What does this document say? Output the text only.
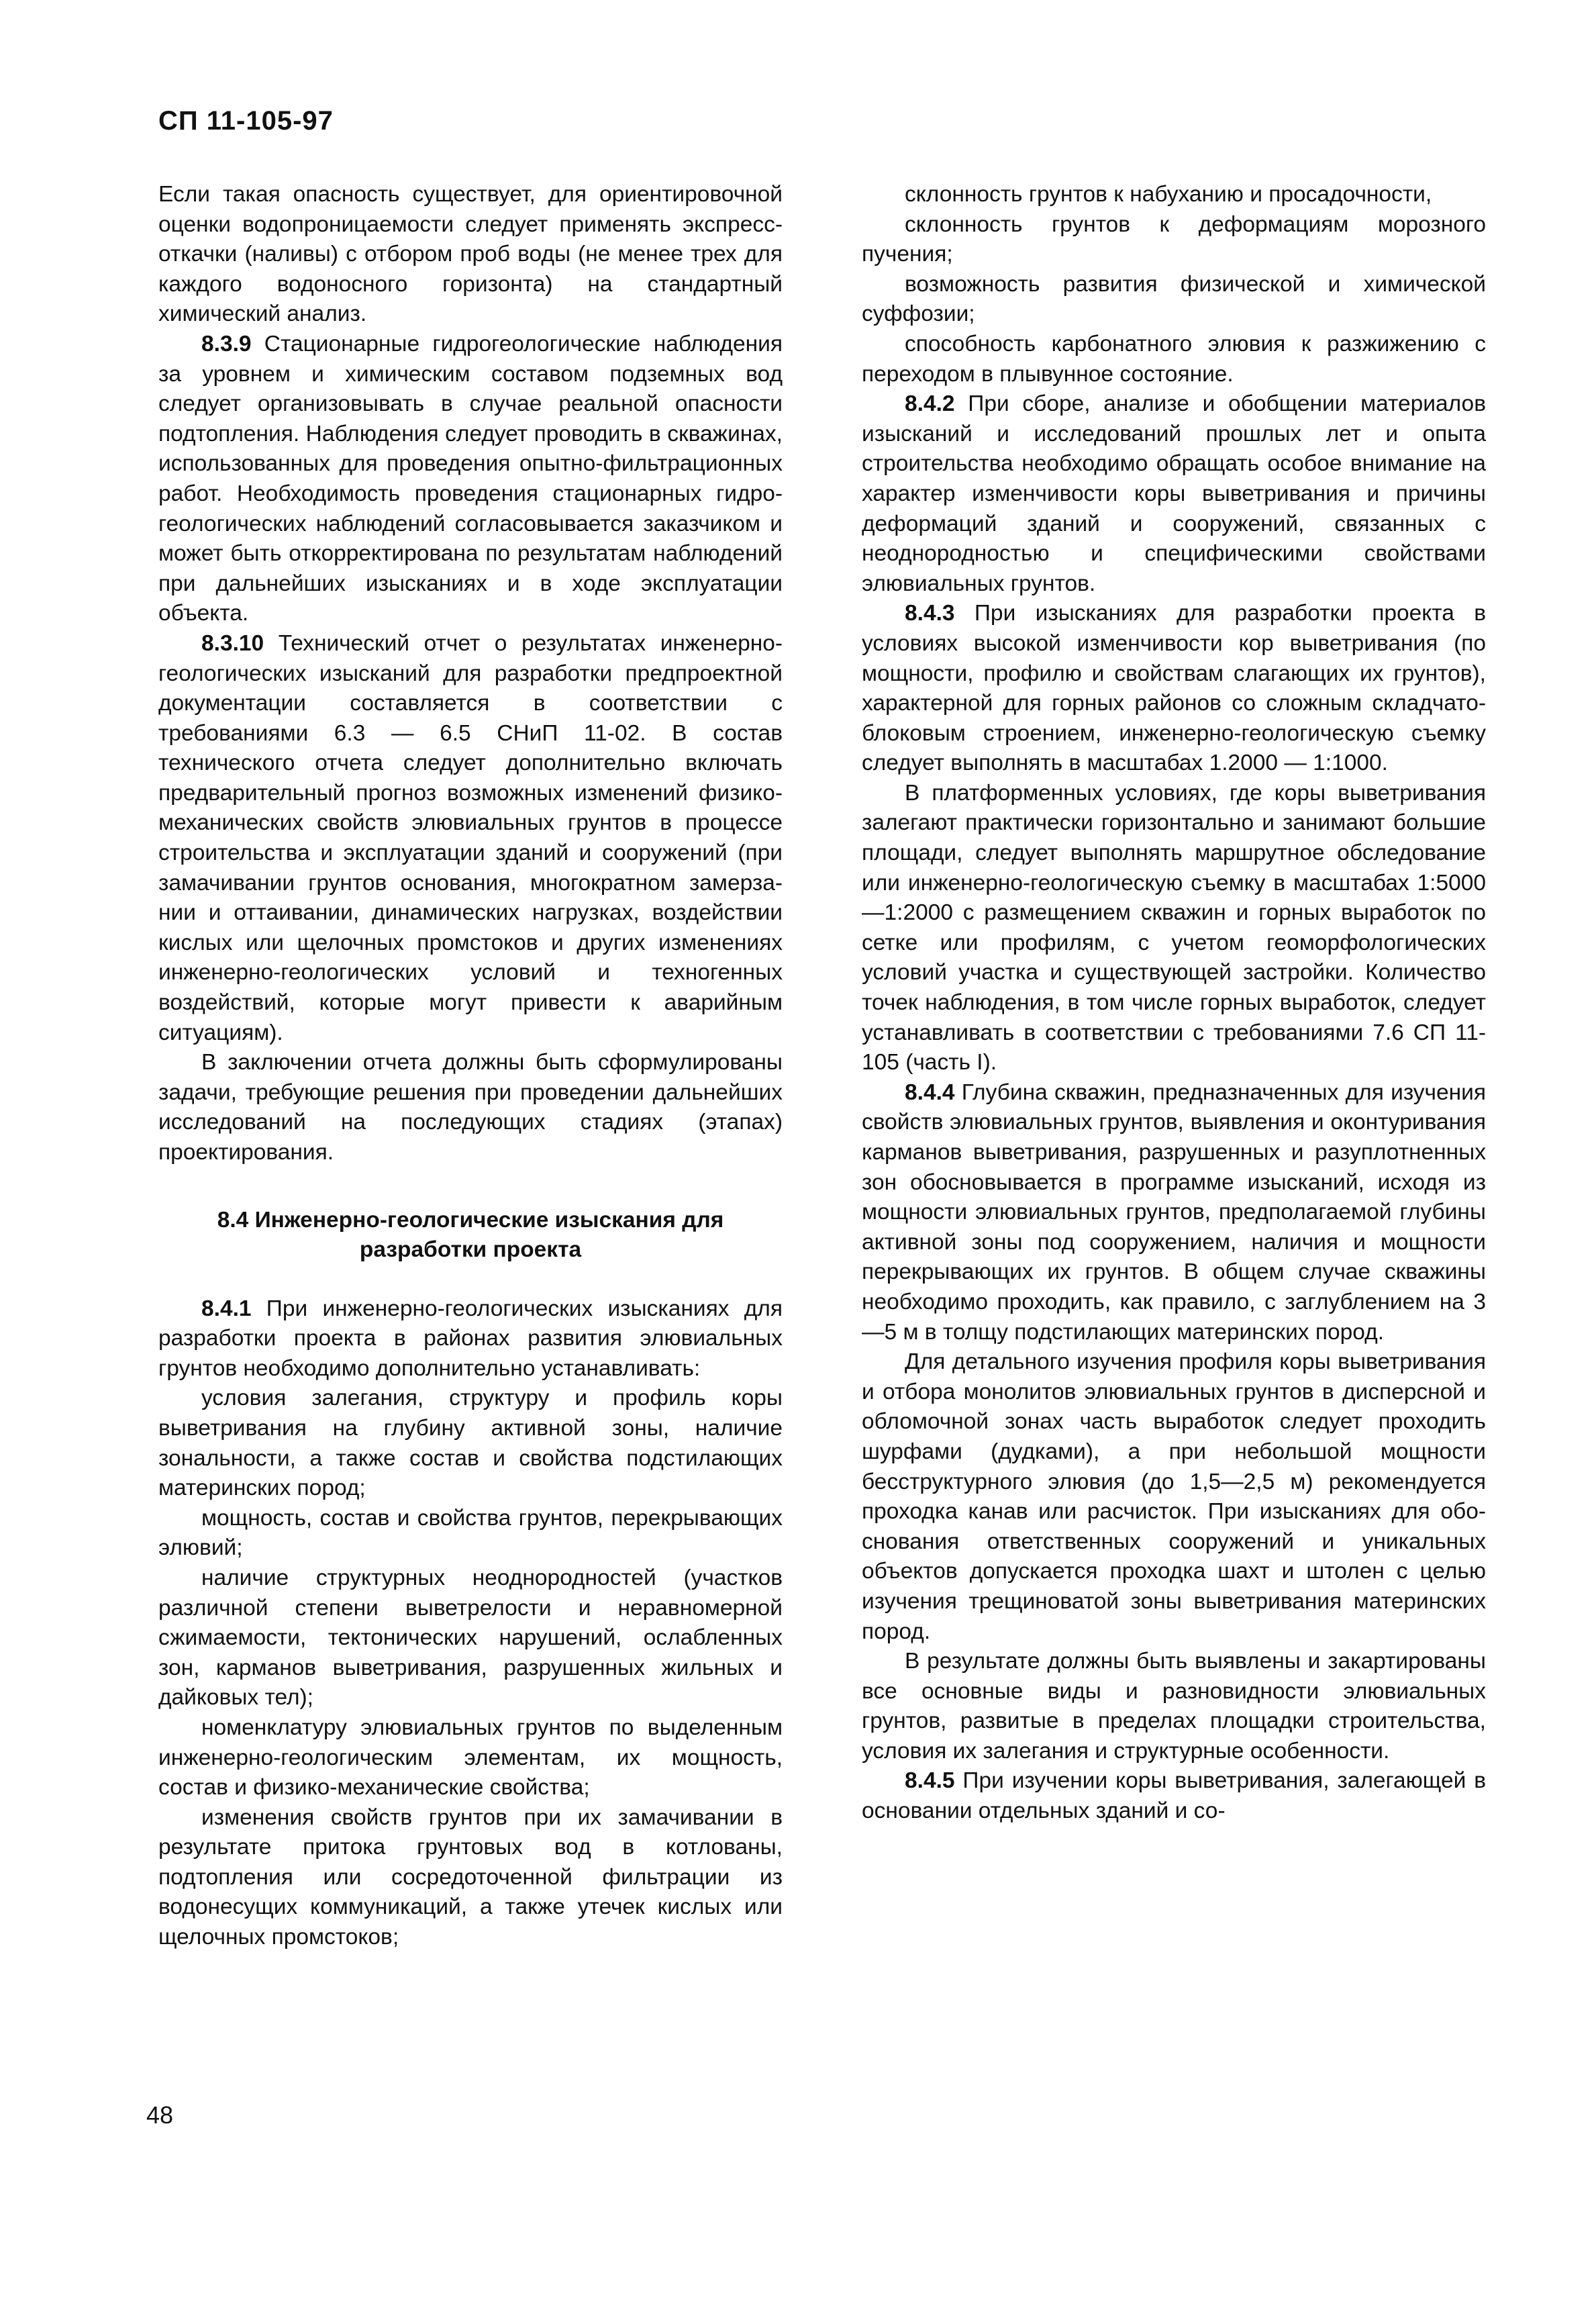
СП 11-105-97

Если такая опасность существует, для ориентировочной оценки водопроницаемости следует применять экспресс-откачки (наливы) с отбором проб воды (не менее трех для каждого водоносного горизонта) на стандартный химический анализ.

8.3.9 Стационарные гидрогеологические наблюдения за уровнем и химическим составом подземных вод следует организовывать в случае реальной опасности подтопления. Наблюдения следует проводить в скважинах, использованных для проведения опытно-фильтрационных работ. Необходимость проведения стационарных гидрогеологических наблюдений согласовывается заказчиком и может быть откорректирована по результатам наблюдений при дальнейших изысканиях и в ходе эксплуатации объекта.

8.3.10 Технический отчет о результатах инженерно-геологических изысканий для разработки предпроектной документации составляется в соответствии с требованиями 6.3 — 6.5 СНиП 11-02. В состав технического отчета следует дополнительно включать предварительный прогноз возможных изменений физико-механических свойств элювиальных грунтов в процессе строительства и эксплуатации зданий и сооружений (при замачивании грунтов основания, многократном замерзании и оттаивании, динамических нагрузках, воздействии кислых или щелочных промстоков и других изменениях инженерно-геологических условий и техногенных воздействий, которые могут привести к аварийным ситуациям).

В заключении отчета должны быть сформулированы задачи, требующие решения при проведении дальнейших исследований на последующих стадиях (этапах) проектирования.

8.4 Инженерно-геологические изыскания для разработки проекта

8.4.1 При инженерно-геологических изысканиях для разработки проекта в районах развития элювиальных грунтов необходимо дополнительно устанавливать:

условия залегания, структуру и профиль коры выветривания на глубину активной зоны, наличие зональности, а также состав и свойства подстилающих материнских пород;

мощность, состав и свойства грунтов, перекрывающих элювий;

наличие структурных неоднородностей (участков различной степени выветрелости и неравномерной сжимаемости, тектонических нарушений, ослабленных зон, карманов выветривания, разрушенных жильных и дайковых тел);

номенклатуру элювиальных грунтов по выделенным инженерно-геологическим элементам, их мощность, состав и физико-механические свойства;

изменения свойств грунтов при их замачивании в результате притока грунтовых вод в котлованы, подтопления или сосредоточенной фильтрации из водонесущих коммуникаций, а также утечек кислых или щелочных промстоков;

склонность грунтов к набуханию и просадочности,

склонность грунтов к деформациям морозного пучения;

возможность развития физической и химической суффозии;

способность карбонатного элювия к разжижению с переходом в плывунное состояние.

8.4.2 При сборе, анализе и обобщении материалов изысканий и исследований прошлых лет и опыта строительства необходимо обращать особое внимание на характер изменчивости коры выветривания и причины деформаций зданий и сооружений, связанных с неоднородностью и специфическими свойствами элювиальных грунтов.

8.4.3 При изысканиях для разработки проекта в условиях высокой изменчивости кор выветривания (по мощности, профилю и свойствам слагающих их грунтов), характерной для горных районов со сложным складчато-блоковым строением, инженерно-геологическую съемку следует выполнять в масштабах 1.2000 — 1:1000.

В платформенных условиях, где коры выветривания залегают практически горизонтально и занимают большие площади, следует выполнять маршрутное обследование или инженерно-геологическую съемку в масштабах 1:5000 —1:2000 с размещением скважин и горных выработок по сетке или профилям, с учетом геоморфологических условий участка и существующей застройки. Количество точек наблюдения, в том числе горных выработок, следует устанавливать в соответствии с требованиями 7.6 СП 11-105 (часть I).

8.4.4 Глубина скважин, предназначенных для изучения свойств элювиальных грунтов, выявления и оконтуривания карманов выветривания, разрушенных и разуплотненных зон обосновывается в программе изысканий, исходя из мощности элювиальных грунтов, предполагаемой глубины активной зоны под сооружением, наличия и мощности перекрывающих их грунтов. В общем случае скважины необходимо проходить, как правило, с заглублением на 3—5 м в толщу подстилающих материнских пород.

Для детального изучения профиля коры выветривания и отбора монолитов элювиальных грунтов в дисперсной и обломочной зонах часть выработок следует проходить шурфами (дудками), а при небольшой мощности бесструктурного элювия (до 1,5—2,5 м) рекомендуется проходка канав или расчисток. При изысканиях для обоснования ответственных сооружений и уникальных объектов допускается проходка шахт и штолен с целью изучения трещиноватой зоны выветривания материнских пород.

В результате должны быть выявлены и закартированы все основные виды и разновидности элювиальных грунтов, развитые в пределах площадки строительства, условия их залегания и структурные особенности.

8.4.5 При изучении коры выветривания, залегающей в основании отдельных зданий и со-

48
